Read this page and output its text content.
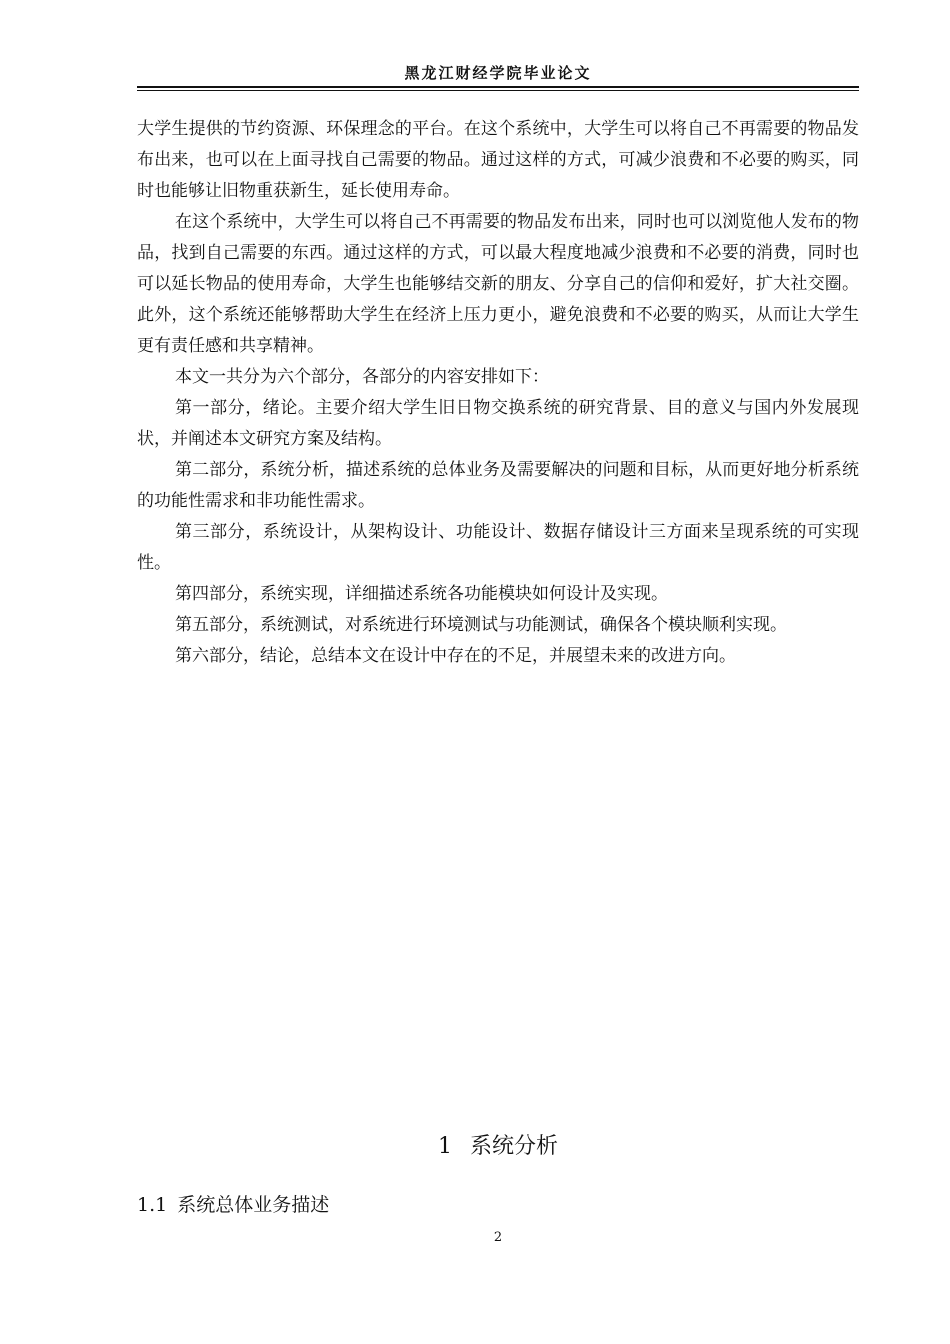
黑龙江财经学院毕业论文

大学生提供的节约资源、环保理念的平台。在这个系统中，大学生可以将自己不再需要的物品发布出来，也可以在上面寻找自己需要的物品。通过这样的方式，可减少浪费和不必要的购买，同时也能够让旧物重获新生，延长使用寿命。

在这个系统中，大学生可以将自己不再需要的物品发布出来，同时也可以浏览他人发布的物品，找到自己需要的东西。通过这样的方式，可以最大程度地减少浪费和不必要的消费，同时也可以延长物品的使用寿命，大学生也能够结交新的朋友、分享自己的信仰和爱好，扩大社交圈。此外，这个系统还能够帮助大学生在经济上压力更小，避免浪费和不必要的购买，从而让大学生更有责任感和共享精神。

本文一共分为六个部分，各部分的内容安排如下：

第一部分，绪论。主要介绍大学生旧日物交换系统的研究背景、目的意义与国内外发展现状，并阐述本文研究方案及结构。

第二部分，系统分析，描述系统的总体业务及需要解决的问题和目标，从而更好地分析系统的功能性需求和非功能性需求。

第三部分，系统设计，从架构设计、功能设计、数据存储设计三方面来呈现系统的可实现性。

第四部分，系统实现，详细描述系统各功能模块如何设计及实现。

第五部分，系统测试，对系统进行环境测试与功能测试，确保各个模块顺利实现。

第六部分，结论，总结本文在设计中存在的不足，并展望未来的改进方向。

1 系统分析
1.1 系统总体业务描述
2
